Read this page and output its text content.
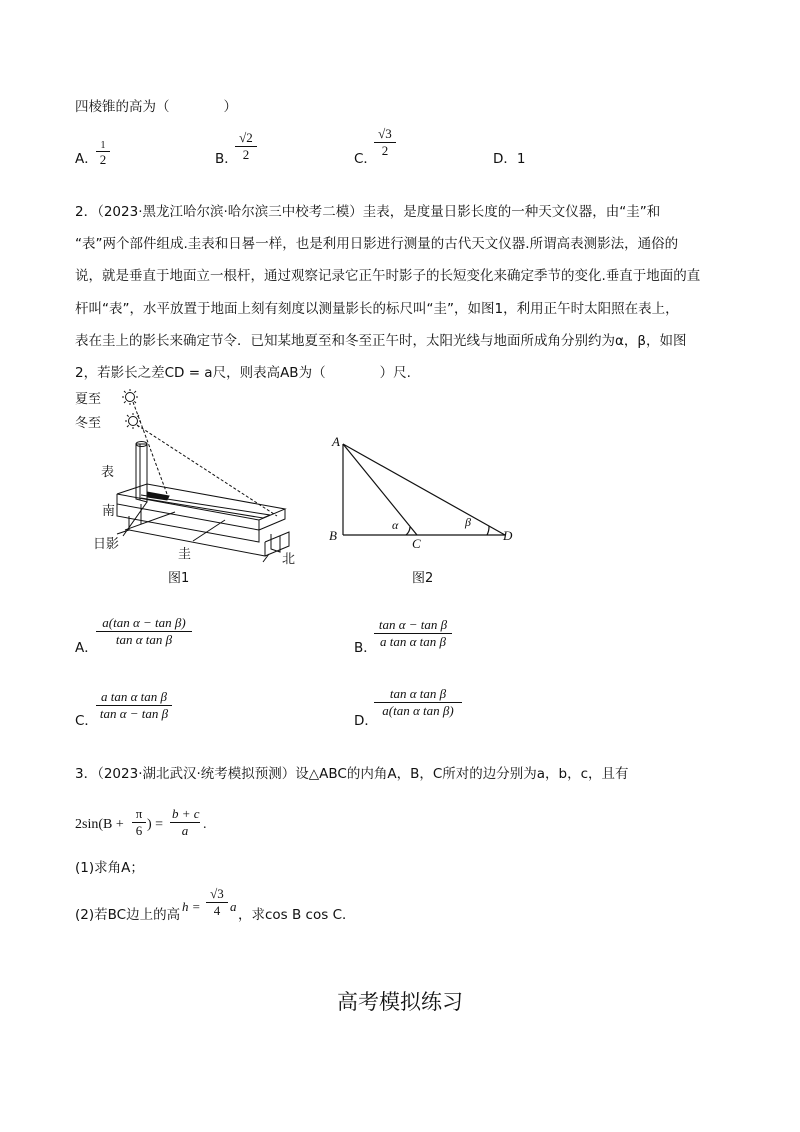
四棱锥的高为（　　　　）
A．
1
2	B．
√2
2	C．
√3
2
D．1
2．（2023·黑龙江哈尔滨·哈尔滨三中校考二模）圭表，是度量日影长度的一种天文仪器，由“圭”和
“表”两个部件组成.圭表和日晷一样，也是利用日影进行测量的古代天文仪器.所谓高表测影法，通俗的
说，就是垂直于地面立一根杆，通过观察记录它正午时影子的长短变化来确定季节的变化.垂直于地面的直
杆叫“表”，水平放置于地面上刻有刻度以测量影长的标尺叫“圭”，如图1，利用正午时太阳照在表上，
表在圭上的影长来确定节令．已知某地夏至和冬至正午时，太阳光线与地面所成角分别约为α，β，如图
2，若影长之差CD = a尺，则表高AB为（　　　　）尺.
夏至
冬至
表
南
日影
圭	北
图1
A
B
C
D
α	β
图2
A．
a(tan α − tan β)
tan α tan β
B．
tan α − tan β
a tan α tan β
C．
a tan α tan β
tan α − tan β	D．
tan α tan β
a(tan α tan β)
3．（2023·湖北武汉·统考模拟预测）设△ABC的内角A，B，C所对的边分别为a，b，c，且有
2sin(B +
π
6 ) =
b + c
a	.
(1)求角A；
(2)若BC边上的高
h =
√3
4 a
，求cos B cos C．
高考模拟练习
